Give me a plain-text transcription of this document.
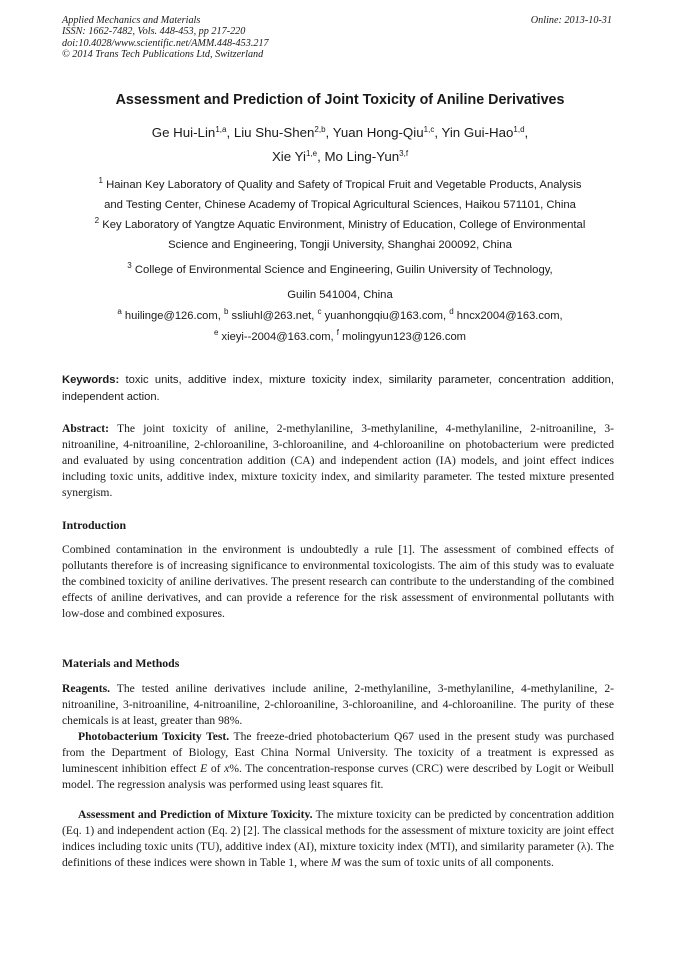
Applied Mechanics and Materials
ISSN: 1662-7482, Vols. 448-453, pp 217-220
doi:10.4028/www.scientific.net/AMM.448-453.217
© 2014 Trans Tech Publications Ltd, Switzerland
Online: 2013-10-31
Assessment and Prediction of Joint Toxicity of Aniline Derivatives
Ge Hui-Lin$^{1,a}$, Liu Shu-Shen$^{2,b}$, Yuan Hong-Qiu$^{1,c}$, Yin Gui-Hao$^{1,d}$,
Xie Yi$^{1,e}$, Mo Ling-Yun$^{3,f}$
$^1$ Hainan Key Laboratory of Quality and Safety of Tropical Fruit and Vegetable Products, Analysis
and Testing Center, Chinese Academy of Tropical Agricultural Sciences, Haikou 571101, China
$^2$ Key Laboratory of Yangtze Aquatic Environment, Ministry of Education, College of Environmental
Science and Engineering, Tongji University, Shanghai 200092, China
$^3$ College of Environmental Science and Engineering, Guilin University of Technology,
Guilin 541004, China
$^a$ huilinge@126.com, $^b$ ssliuhl@263.net, $^c$ yuanhongqiu@163.com, $^d$ hncx2004@163.com,
$^e$ xieyi--2004@163.com, $^f$ molingyun123@126.com
Keywords: toxic units, additive index, mixture toxicity index, similarity parameter, concentration addition, independent action.
Abstract: The joint toxicity of aniline, 2-methylaniline, 3-methylaniline, 4-methylaniline, 2-nitroaniline, 3-nitroaniline, 4-nitroaniline, 2-chloroaniline, 3-chloroaniline, and 4-chloroaniline on photobacterium were predicted and evaluated by using concentration addition (CA) and independent action (IA) models, and joint effect indices including toxic units, additive index, mixture toxicity index, and similarity parameter. The tested mixture presented synergism.
Introduction
Combined contamination in the environment is undoubtedly a rule [1]. The assessment of combined effects of pollutants therefore is of increasing significance to environmental toxicologists. The aim of this study was to evaluate the combined toxicity of aniline derivatives. The present research can contribute to the understanding of the combined effects of aniline derivatives, and can provide a reference for the risk assessment of environmental pollutants with low-dose and combined exposures.
Materials and Methods
Reagents. The tested aniline derivatives include aniline, 2-methylaniline, 3-methylaniline, 4-methylaniline, 2-nitroaniline, 3-nitroaniline, 4-nitroaniline, 2-chloroaniline, 3-chloroaniline, and 4-chloroaniline. The purity of these chemicals is at least, greater than 98%.
Photobacterium Toxicity Test. The freeze-dried photobacterium Q67 used in the present study was purchased from the Department of Biology, East China Normal University. The toxicity of a treatment is expressed as luminescent inhibition effect E of x%. The concentration-response curves (CRC) were described by Logit or Weibull model. The regression analysis was performed using least squares fit.
Assessment and Prediction of Mixture Toxicity. The mixture toxicity can be predicted by concentration addition (Eq. 1) and independent action (Eq. 2) [2]. The classical methods for the assessment of mixture toxicity are joint effect indices including toxic units (TU), additive index (AI), mixture toxicity index (MTI), and similarity parameter (λ). The definitions of these indices were shown in Table 1, where M was the sum of toxic units of all components.
